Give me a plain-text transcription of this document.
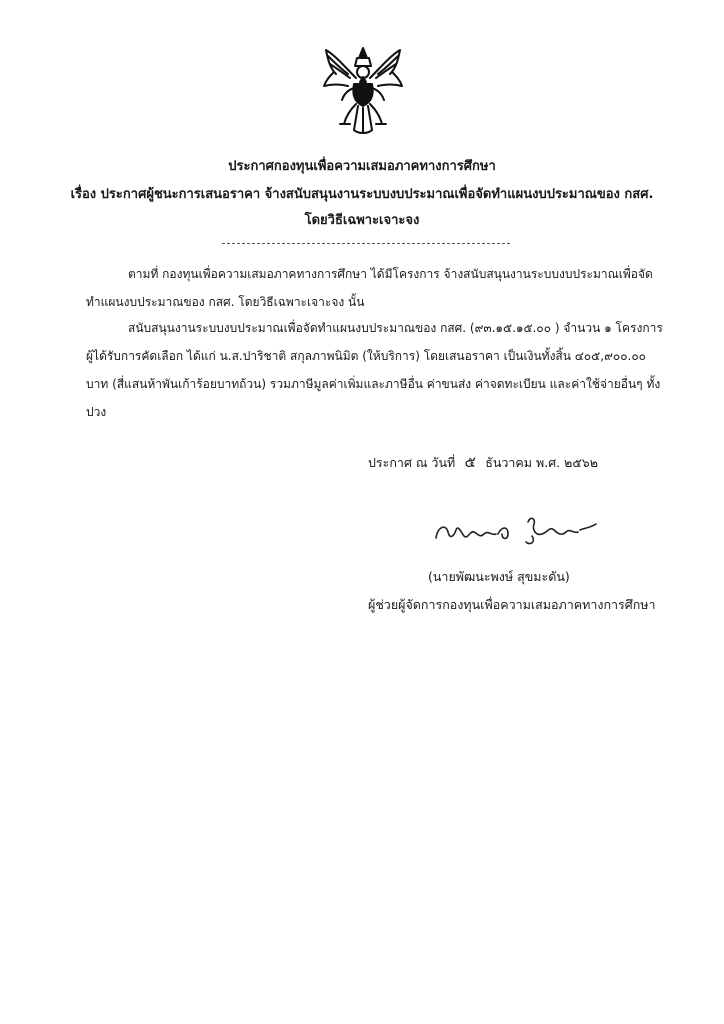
ประกาศกองทุนเพื่อความเสมอภาคทางการศึกษา
เรื่อง ประกาศผู้ชนะการเสนอราคา จ้างสนับสนุนงานระบบงบประมาณเพื่อจัดทำแผนงบประมาณของ กสศ. โดยวิธีเฉพาะเจาะจง
ตามที่ กองทุนเพื่อความเสมอภาคทางการศึกษา ได้มีโครงการ จ้างสนับสนุนงานระบบงบประมาณเพื่อจัดทำแผนงบประมาณของ กสศ. โดยวิธีเฉพาะเจาะจง นั้น
สนับสนุนงานระบบงบประมาณเพื่อจัดทำแผนงบประมาณของ กสศ. (๙๓.๑๕.๑๕.๐๐ ) จำนวน ๑ โครงการ ผู้ได้รับการคัดเลือก ได้แก่ น.ส.ปาริชาติ สกุลภาพนิมิต (ให้บริการ) โดยเสนอราคา เป็นเงินทั้งสิ้น ๔๐๕,๙๐๐.๐๐ บาท (สี่แสนห้าพันเก้าร้อยบาทถ้วน) รวมภาษีมูลค่าเพิ่มและภาษีอื่น ค่าขนส่ง ค่าจดทะเบียน และค่าใช้จ่ายอื่นๆ ทั้งปวง
ประกาศ ณ วันที่ ๕ ธันวาคม พ.ศ. ๒๕๖๒
(นายพัฒนะพงษ์ สุขมะดัน)
ผู้ช่วยผู้จัดการกองทุนเพื่อความเสมอภาคทางการศึกษา
